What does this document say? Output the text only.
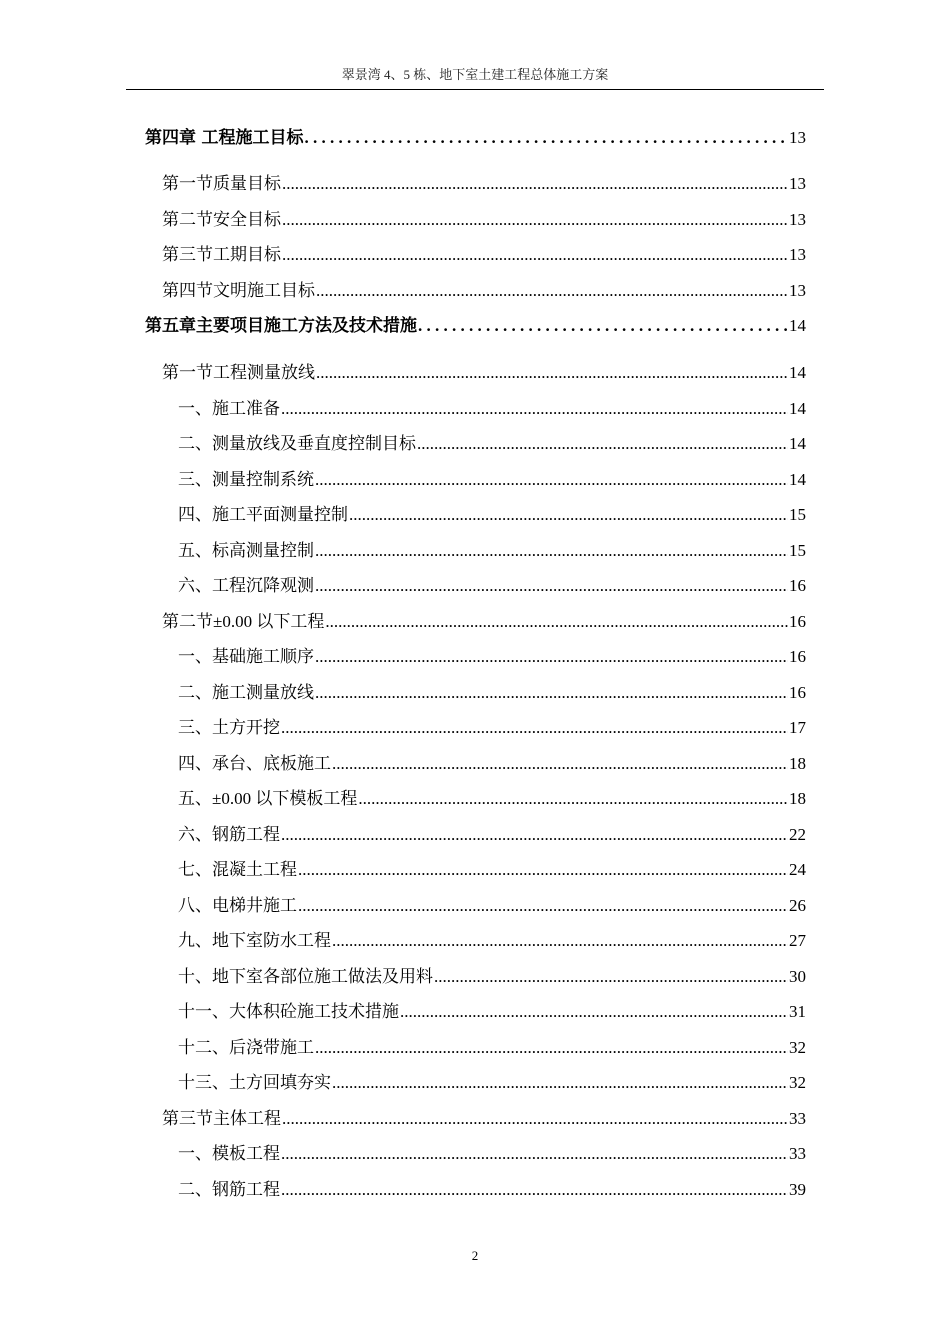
翠景湾 4、5 栋、地下室土建工程总体施工方案
第四章 工程施工目标 . . .	13
第一节 质量目标 .....	13
第二节 安全目标 .....	13
第三节 工期目标 .....	13
第四节 文明施工目标 .....	13
第五章 主要项目施工方法及技术措施 . . .	14
第一节 工程测量放线 .....	14
一、施工准备 .....	14
二、测量放线及垂直度控制目标 .....	14
三、测量控制系统 .....	14
四、施工平面测量控制 .....	15
五、标高测量控制 .....	15
六、工程沉降观测 .....	16
第二节 ±0.00 以下工程 .....	16
一、基础施工顺序 .....	16
二、施工测量放线 .....	16
三、土方开挖 .....	17
四、承台、底板施工 .....	18
五、±0.00 以下模板工程 .....	18
六、钢筋工程 .....	22
七、混凝土工程 .....	24
八、电梯井施工 .....	26
九、地下室防水工程 .....	27
十、地下室各部位施工做法及用料 .....	30
十一、大体积砼施工技术措施 .....	31
十二、后浇带施工 .....	32
十三、土方回填夯实 .....	32
第三节 主体工程 .....	33
一、模板工程 .....	33
二、钢筋工程 .....	39
2
